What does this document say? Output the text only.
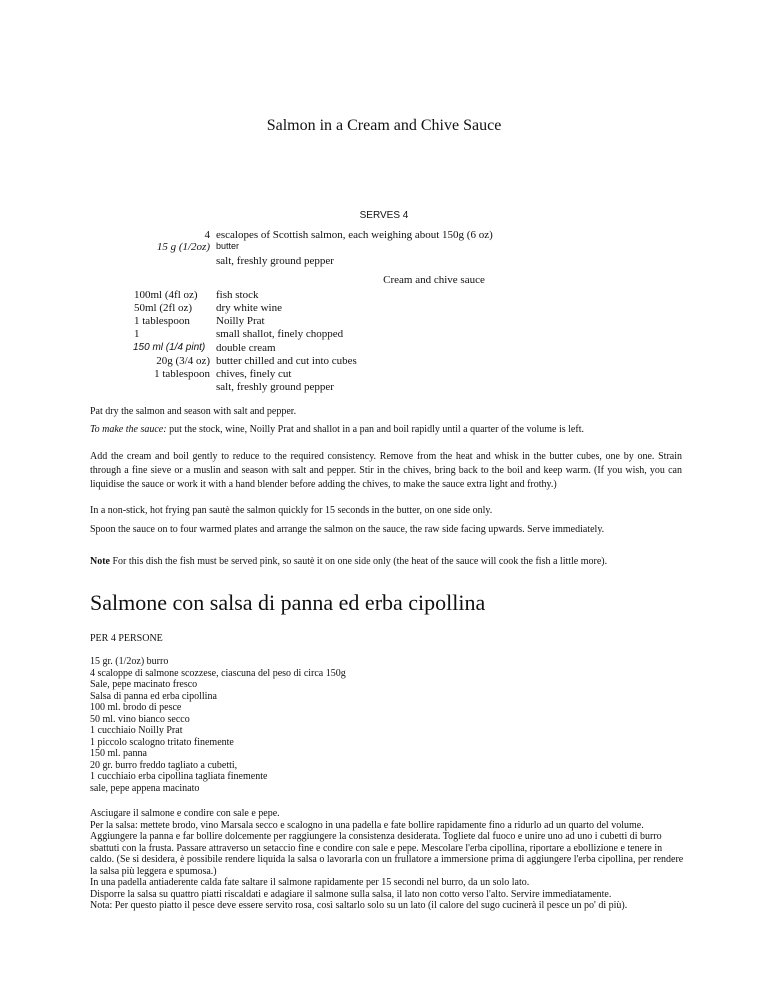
Salmon in a Cream and Chive Sauce
SERVES 4
4 escalopes of Scottish salmon, each weighing about 150g (6 oz)
15 g (1/2oz) butter
salt, freshly ground pepper
Cream and chive sauce
100ml (4fl oz) fish stock
50ml (2fl oz) dry white wine
1 tablespoon Noilly Prat
1	small shallot, finely chopped
150 ml (1/4 pint) double cream
20g (3/4 oz) butter chilled and cut into cubes
1 tablespoon chives, finely cut
salt, freshly ground pepper
Pat dry the salmon and season with salt and pepper.
To make the sauce: put the stock, wine, Noilly Prat and shallot in a pan and boil rapidly until a quarter of the volume is left.
Add the cream and boil gently to reduce to the required consistency. Remove from the heat and whisk in the butter cubes, one by one. Strain through a fine sieve or a muslin and season with salt and pepper. Stir in the chives, bring back to the boil and keep warm. (If you wish, you can liquidise the sauce or work it with a hand blender before adding the chives, to make the sauce extra light and frothy.)
In a non-stick, hot frying pan sautè the salmon quickly for 15 seconds in the butter, on one side only.
Spoon the sauce on to four warmed plates and arrange the salmon on the sauce, the raw side facing upwards. Serve immediately.
Note For this dish the fish must be served pink, so sautè it on one side only (the heat of the sauce will cook the fish a little more).
Salmone con salsa di panna ed erba cipollina
PER 4 PERSONE
15 gr. (1/2oz) burro
4 scaloppe di salmone scozzese, ciascuna del peso di circa 150g
Sale, pepe macinato fresco
Salsa di panna ed erba cipollina
100 ml. brodo di pesce
50 ml. vino bianco secco
1 cucchiaio Noilly Prat
1 piccolo scalogno tritato finemente
150 ml. panna
20 gr. burro freddo tagliato a cubetti,
1 cucchiaio erba cipollina tagliata finemente
sale, pepe appena macinato
Asciugare il salmone e condire con sale e pepe.
Per la salsa: mettete brodo, vino Marsala secco e scalogno in una padella e fate bollire rapidamente fino a ridurlo ad un quarto del volume.
Aggiungere la panna e far bollire dolcemente per raggiungere la consistenza desiderata. Togliete dal fuoco e unire uno ad uno i cubetti di burro sbattuti con la frusta. Passare attraverso un setaccio fine e condire con sale e pepe. Mescolare l'erba cipollina, riportare a ebollizione e tenere in caldo. (Se si desidera, è possibile rendere liquida la salsa o lavorarla con un frullatore a immersione prima di aggiungere l'erba cipollina, per rendere la salsa più leggera e spumosa.)
In una padella antiaderente calda fate saltare il salmone rapidamente per 15 secondi nel burro, da un solo lato.
Disporre la salsa su quattro piatti riscaldati e adagiare il salmone sulla salsa, il lato non cotto verso l'alto. Servire immediatamente.
Nota: Per questo piatto il pesce deve essere servito rosa, così saltarlo solo su un lato (il calore del sugo cucinerà il pesce un po' di più).
